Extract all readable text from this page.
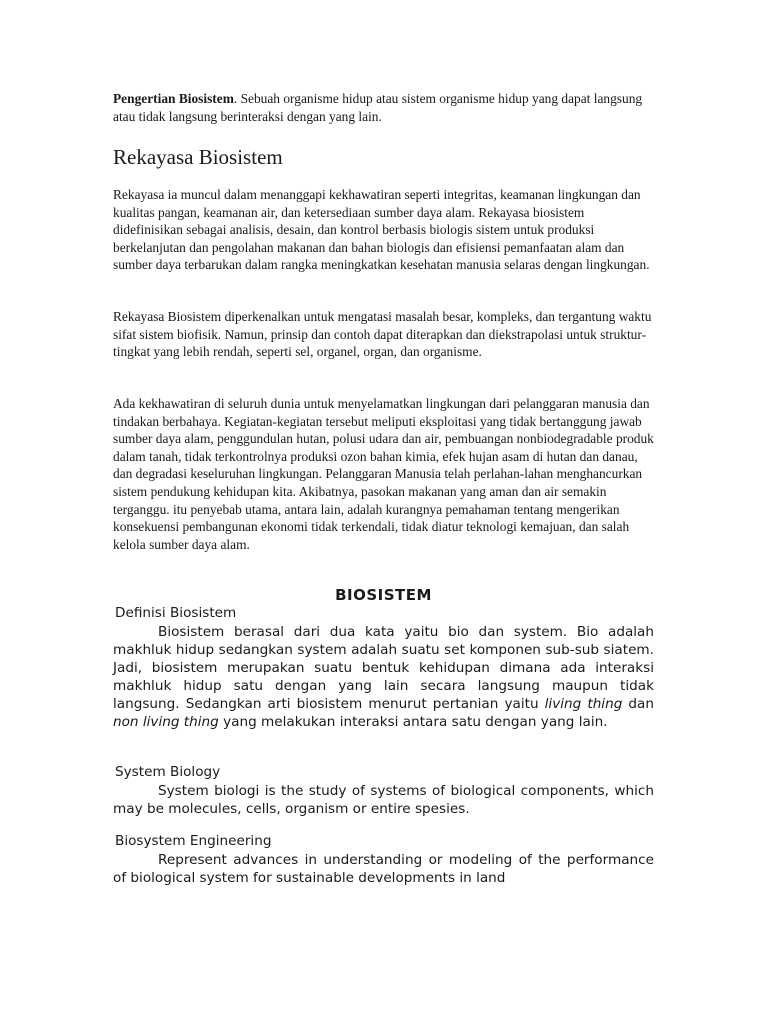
Pengertian Biosistem. Sebuah organisme hidup atau sistem organisme hidup yang dapat langsung atau tidak langsung berinteraksi dengan yang lain.

Rekayasa Biosistem

Rekayasa ia muncul dalam menanggapi kekhawatiran seperti integritas, keamanan lingkungan dan kualitas pangan, keamanan air, dan ketersediaan sumber daya alam. Rekayasa biosistem didefinisikan sebagai analisis, desain, dan kontrol berbasis biologis sistem untuk produksi berkelanjutan dan pengolahan makanan dan bahan biologis dan efisiensi pemanfaatan alam dan sumber daya terbarukan dalam rangka meningkatkan kesehatan manusia selaras dengan lingkungan.

Rekayasa Biosistem diperkenalkan untuk mengatasi masalah besar, kompleks, dan tergantung waktu sifat sistem biofisik. Namun, prinsip dan contoh dapat diterapkan dan diekstrapolasi untuk struktur-tingkat yang lebih rendah, seperti sel, organel, organ, dan organisme.

Ada kekhawatiran di seluruh dunia untuk menyelamatkan lingkungan dari pelanggaran manusia dan tindakan berbahaya. Kegiatan-kegiatan tersebut meliputi eksploitasi yang tidak bertanggung jawab sumber daya alam, penggundulan hutan, polusi udara dan air, pembuangan nonbiodegradable produk dalam tanah, tidak terkontrolnya produksi ozon bahan kimia, efek hujan asam di hutan dan danau, dan degradasi keseluruhan lingkungan. Pelanggaran Manusia telah perlahan-lahan menghancurkan sistem pendukung kehidupan kita. Akibatnya, pasokan makanan yang aman dan air semakin terganggu. itu penyebab utama, antara lain, adalah kurangnya pemahaman tentang mengerikan konsekuensi pembangunan ekonomi tidak terkendali, tidak diatur teknologi kemajuan, dan salah kelola sumber daya alam.

BIOSISTEM
Definisi Biosistem

Biosistem berasal dari dua kata yaitu bio dan system. Bio adalah makhluk hidup sedangkan system adalah suatu set komponen sub-sub siatem. Jadi, biosistem merupakan suatu bentuk kehidupan dimana ada interaksi makhluk hidup satu dengan yang lain secara langsung maupun tidak langsung. Sedangkan arti biosistem menurut pertanian yaitu living thing dan non living thing yang melakukan interaksi antara satu dengan yang lain.

System Biology

System biologi is the study of systems of biological components, which may be molecules, cells, organism or entire spesies.

Biosystem Engineering

Represent advances in understanding or modeling of the performance of biological system for sustainable developments in land
